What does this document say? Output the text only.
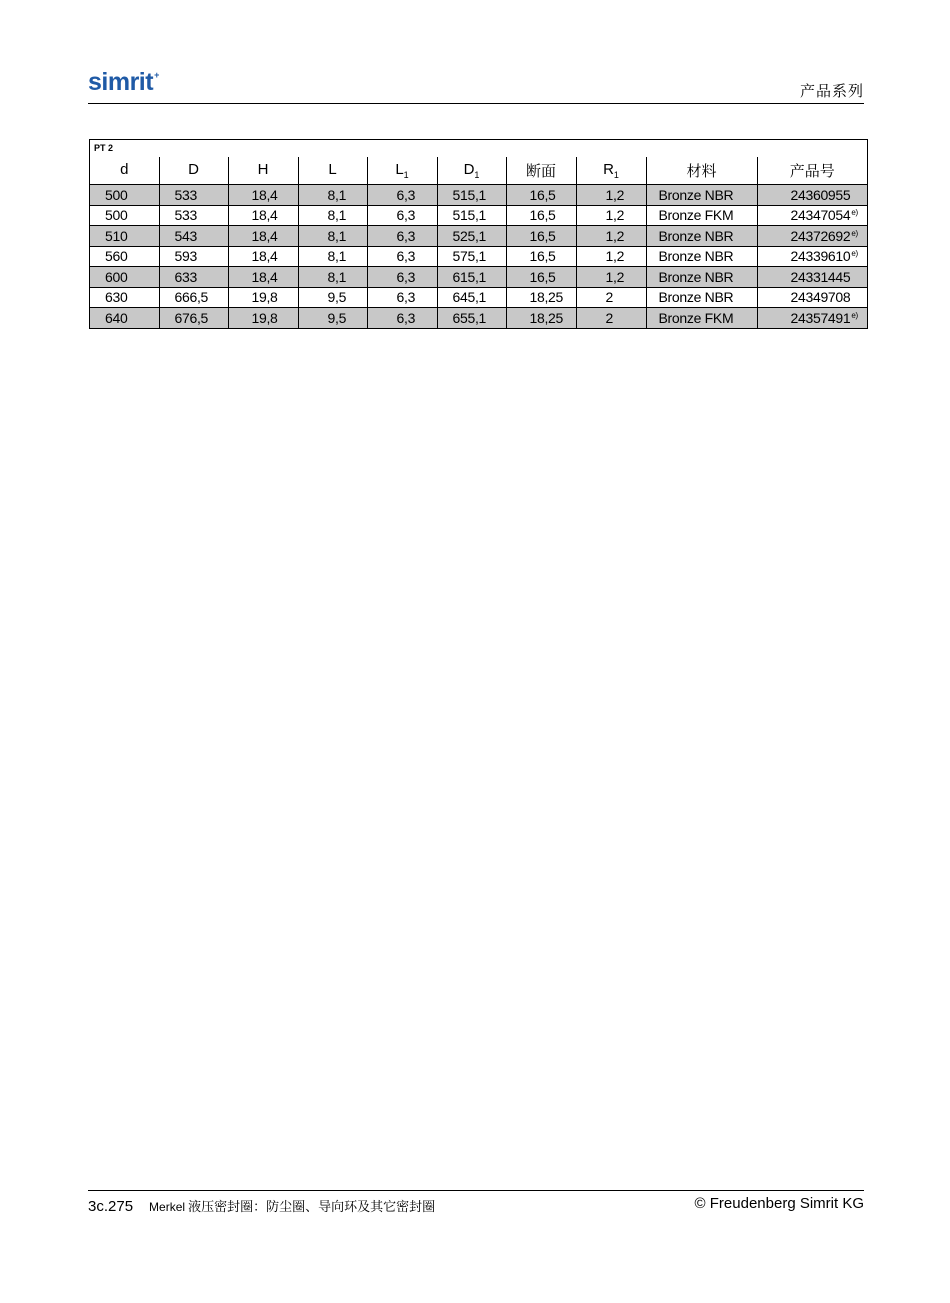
simrit +
产品系列
PT 2
d	D	H	L	$L_1$	$D_1$	断面	$R_1$	材料	产品号
500	533	18,4	8,1	6,3	515,1	16,5	1,2	Bronze NBR	24360955
500	533	18,4	8,1	6,3	515,1	16,5	1,2	Bronze FKM	24347054$^{e)}$
510	543	18,4	8,1	6,3	525,1	16,5	1,2	Bronze NBR	24372692$^{e)}$
560	593	18,4	8,1	6,3	575,1	16,5	1,2	Bronze NBR	24339610$^{e)}$
600	633	18,4	8,1	6,3	615,1	16,5	1,2	Bronze NBR	24331445
630	666,5	19,8	9,5	6,3	645,1	18,25	2	Bronze NBR	24349708
640	676,5	19,8	9,5	6,3	655,1	18,25	2	Bronze FKM	24357491$^{e)}$
3c.275 Merkel 液压密封圈：防尘圈、导向环及其它密封圈	© Freudenberg Simrit KG
